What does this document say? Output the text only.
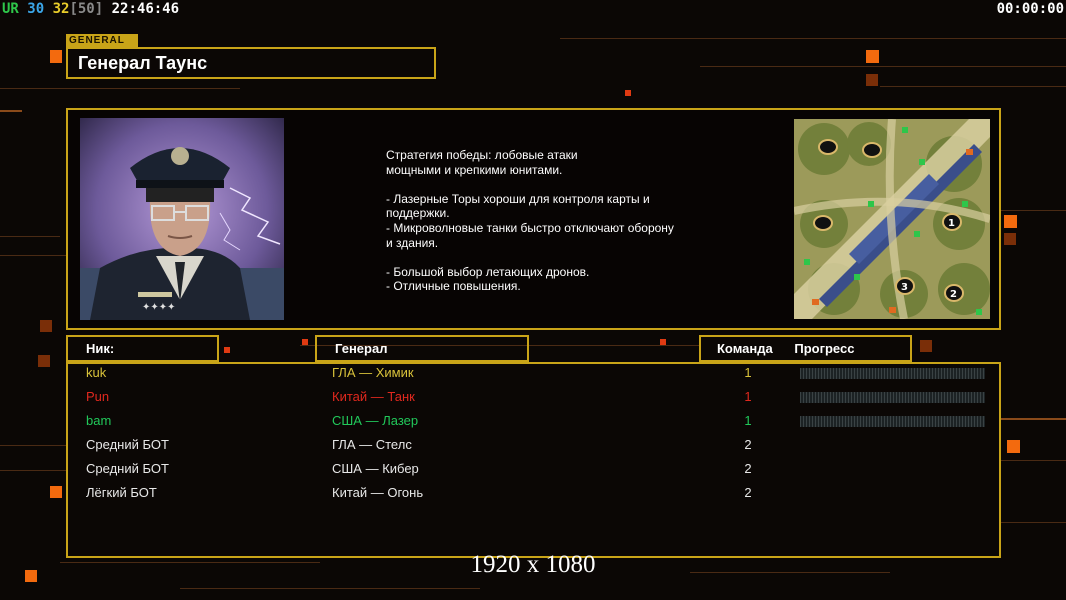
UR 30 32[50] 22:46:46	00:00:00
GENERAL
Генерал Таунс
✦✦✦✦
Стратегия победы: лобовые атаки
мощными и крепкими юнитами.

- Лазерные Торы хороши для контроля карты и
поддержки.
- Микроволновые танки быстро отключают оборону
и здания.

- Большой выбор летающих дронов.
- Отличные повышения.
1
2
3
Ник:	Генерал	Команда Прогресс
kuk	ГЛА — Химик	1
Pun	Китай — Танк	1
bam	США — Лазер	1
Средний БОТ	ГЛА — Стелс	2
Средний БОТ	США — Кибер	2
Лёгкий БОТ	Китай — Огонь	2
1920 x 1080
